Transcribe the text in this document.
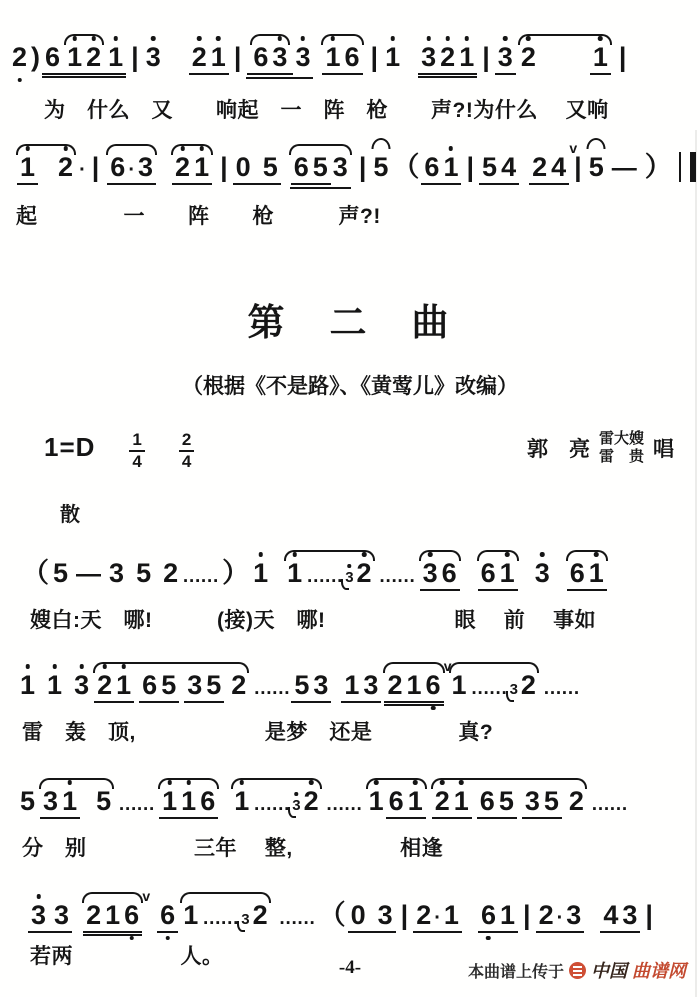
2 ) 6 1 2 1 | 3 2 1 | 6 3 3 1 6 | 1 3 2 1 | 3 2 1 |
为　什么　又　　响起　一　阵　枪　　声?!为什么　 又响
1 2 · | 6 · 3 2 1 | 0 5 6 5 3 | 5 （ 6 1 | 5 4 2 4
v
| 5 — ）
起　　　　一　　阵　　枪　　　声?!
第　二　曲
（根据《不是路》、《黄莺儿》改编）
$1=D \frac{1}{4} \frac{2}{4}$	郭　亮 雷大嫂
雷　贵 唱
散
（ 5 — 3 5 2 …… ） 1 1 …… 3 2 …… 3 6 6 1 3 6 1
嫂白:天　哪!　　　(接)天　哪!　　　　　　眼　 前　 事如
1 1 3 2 1 6 5 3 5 2 …… 5 3 1 3 2 1 6
v
1 …… 3 2 ……
雷　轰　顶,　　　　　　是梦　还是　　　　真?
5 3 1 5 …… 1 1 6 1 …… 3 2 …… 1 6 1 2 1 6 5 3 5 2 ……
分　别　　　　　三年　 整,　　　　　相逢
3 3 2 1 6
v
6 1 …… 3 2 …… （ 0 3 | 2 · 1 6 1 | 2 · 3 4 3 |
若两　　　　　人。	-4-	本曲谱上传于 中国 曲谱网
